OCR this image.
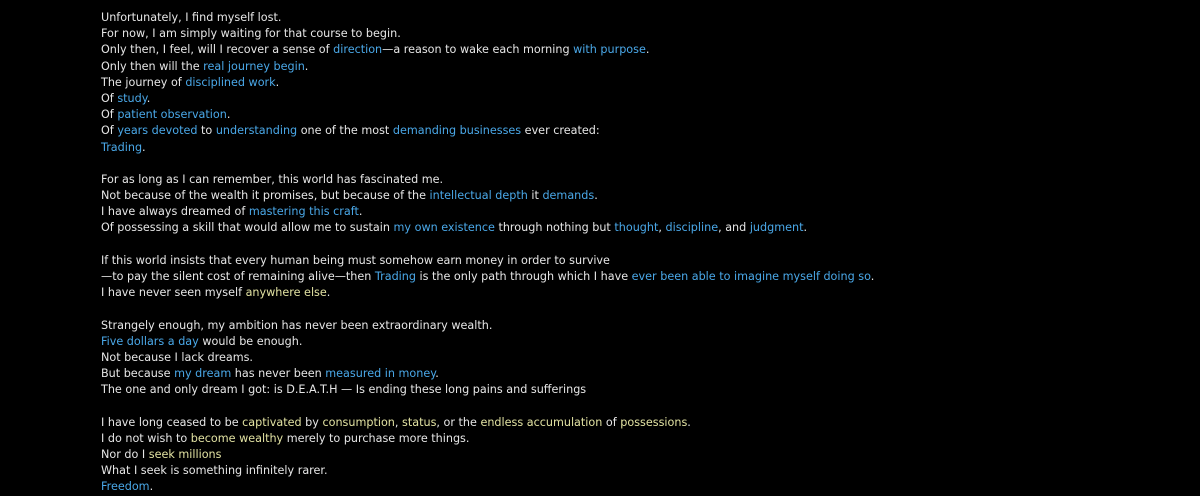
Unfortunately, I find myself lost.
For now, I am simply waiting for that course to begin.
Only then, I feel, will I recover a sense of direction—a reason to wake each morning with purpose.
Only then will the real journey begin.
The journey of disciplined work.
Of study.
Of patient observation.
Of years devoted to understanding one of the most demanding businesses ever created:
Trading.
For as long as I can remember, this world has fascinated me.
Not because of the wealth it promises, but because of the intellectual depth it demands.
I have always dreamed of mastering this craft.
Of possessing a skill that would allow me to sustain my own existence through nothing but thought, discipline, and judgment.
If this world insists that every human being must somehow earn money in order to survive
—to pay the silent cost of remaining alive—then Trading is the only path through which I have ever been able to imagine myself doing so.
I have never seen myself anywhere else.
Strangely enough, my ambition has never been extraordinary wealth.
Five dollars a day would be enough.
Not because I lack dreams.
But because my dream has never been measured in money.
The one and only dream I got: is D.E.A.T.H — Is ending these long pains and sufferings
I have long ceased to be captivated by consumption, status, or the endless accumulation of possessions.
I do not wish to become wealthy merely to purchase more things.
Nor do I seek millions
What I seek is something infinitely rarer.
Freedom.
